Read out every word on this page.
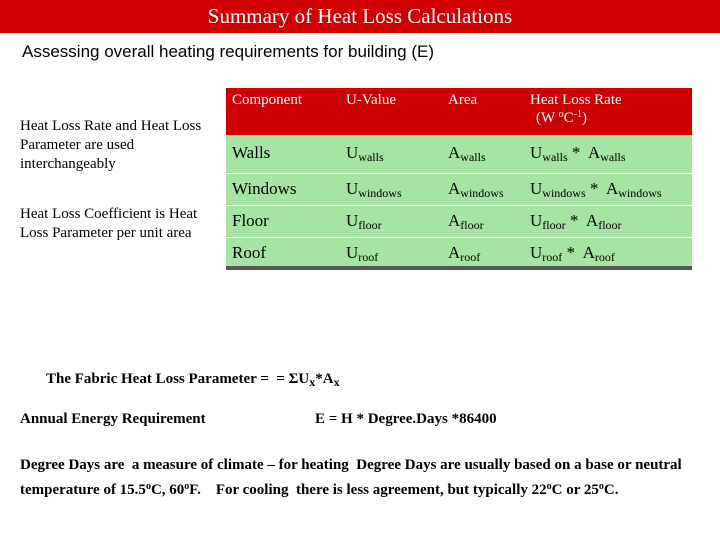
Summary of Heat Loss Calculations
Assessing overall heating requirements for building (E)
Heat Loss Rate and Heat Loss Parameter are used interchangeably
Heat Loss Coefficient is Heat Loss Parameter per unit area
Component	U-Value	Area	Heat Loss Rate
(W $^oC^{-1}$)

Walls	$U_{walls}$	$A_{walls}$	$U_{walls} * A_{walls}$
Windows	$U_{windows}$	$A_{windows}$	$U_{windows} * A_{windows}$
Floor	$U_{floor}$	$A_{floor}$	$U_{floor} * A_{floor}$
Roof	$U_{roof}$	$A_{roof}$	$U_{roof} * A_{roof}$
The Fabric Heat Loss Parameter =  = $\Sigma U_x*A_x$
Annual Energy Requirement	E = H * Degree.Days *86400
Degree Days are  a measure of climate – for heating  Degree Days are usually based on a base or neutral temperature of 15.5$^o$C, 60$^o$F.    For cooling  there is less agreement, but typically 22$^o$C or 25$^o$C.
